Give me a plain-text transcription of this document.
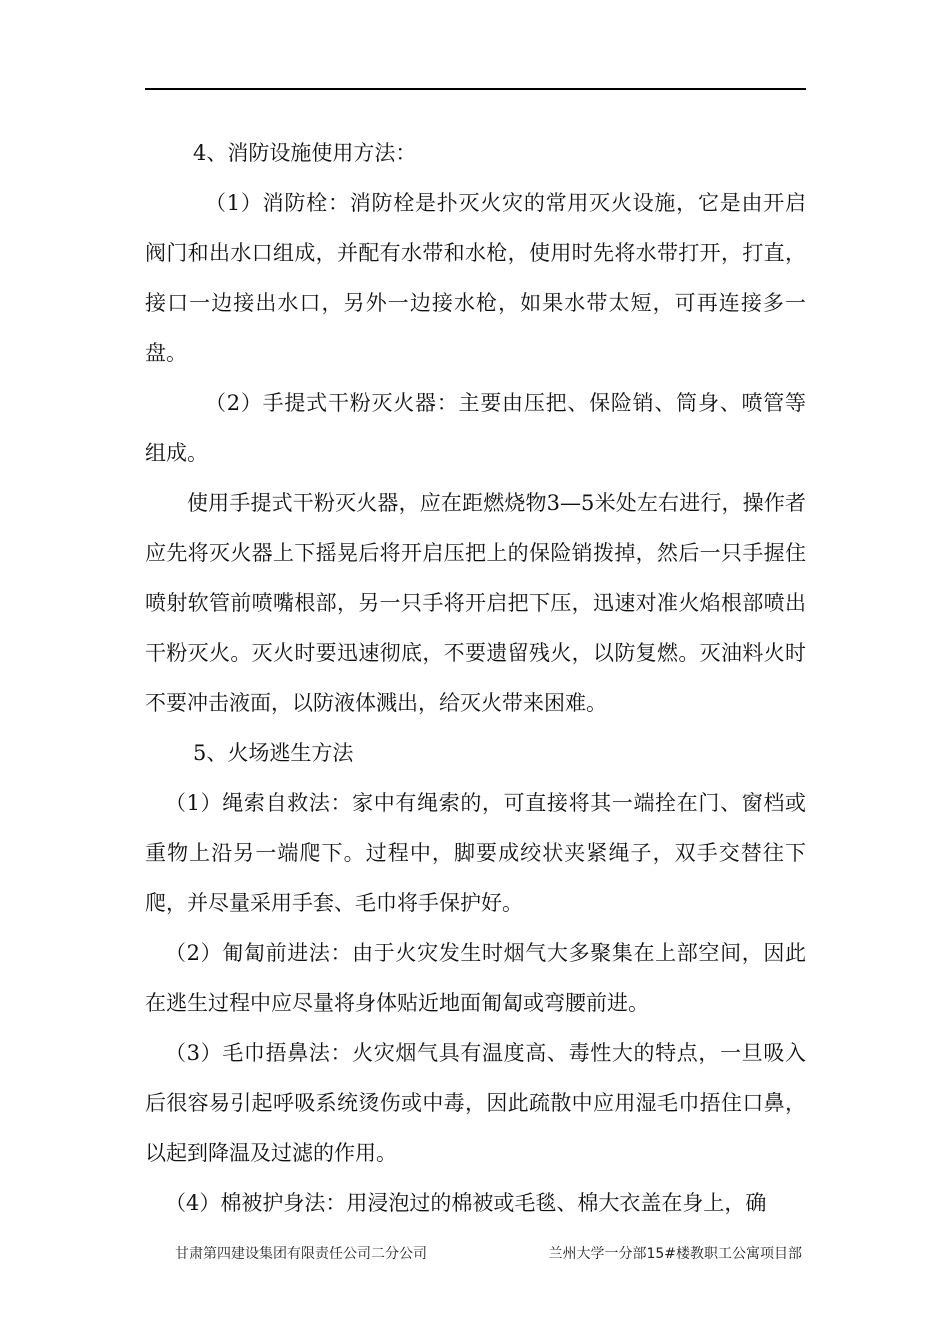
4、消防设施使用方法：

（1）消防栓：消防栓是扑灭火灾的常用灭火设施，它是由开启阀门和出水口组成，并配有水带和水枪，使用时先将水带打开，打直，接口一边接出水口，另外一边接水枪，如果水带太短，可再连接多一盘。

（2）手提式干粉灭火器：主要由压把、保险销、筒身、喷管等组成。

使用手提式干粉灭火器，应在距燃烧物3—5米处左右进行，操作者应先将灭火器上下摇晃后将开启压把上的保险销拨掉，然后一只手握住喷射软管前喷嘴根部，另一只手将开启把下压，迅速对准火焰根部喷出干粉灭火。灭火时要迅速彻底，不要遗留残火，以防复燃。灭油料火时不要冲击液面，以防液体溅出，给灭火带来困难。

5、火场逃生方法

（1）绳索自救法：家中有绳索的，可直接将其一端拴在门、窗档或重物上沿另一端爬下。过程中，脚要成绞状夹紧绳子，双手交替往下爬，并尽量采用手套、毛巾将手保护好。

（2）匍匐前进法：由于火灾发生时烟气大多聚集在上部空间，因此在逃生过程中应尽量将身体贴近地面匍匐或弯腰前进。

（3）毛巾捂鼻法：火灾烟气具有温度高、毒性大的特点，一旦吸入后很容易引起呼吸系统烫伤或中毒，因此疏散中应用湿毛巾捂住口鼻，以起到降温及过滤的作用。

（4）棉被护身法：用浸泡过的棉被或毛毯、棉大衣盖在身上，确

甘肃第四建设集团有限责任公司二分公司	兰州大学一分部15#楼教职工公寓项目部
